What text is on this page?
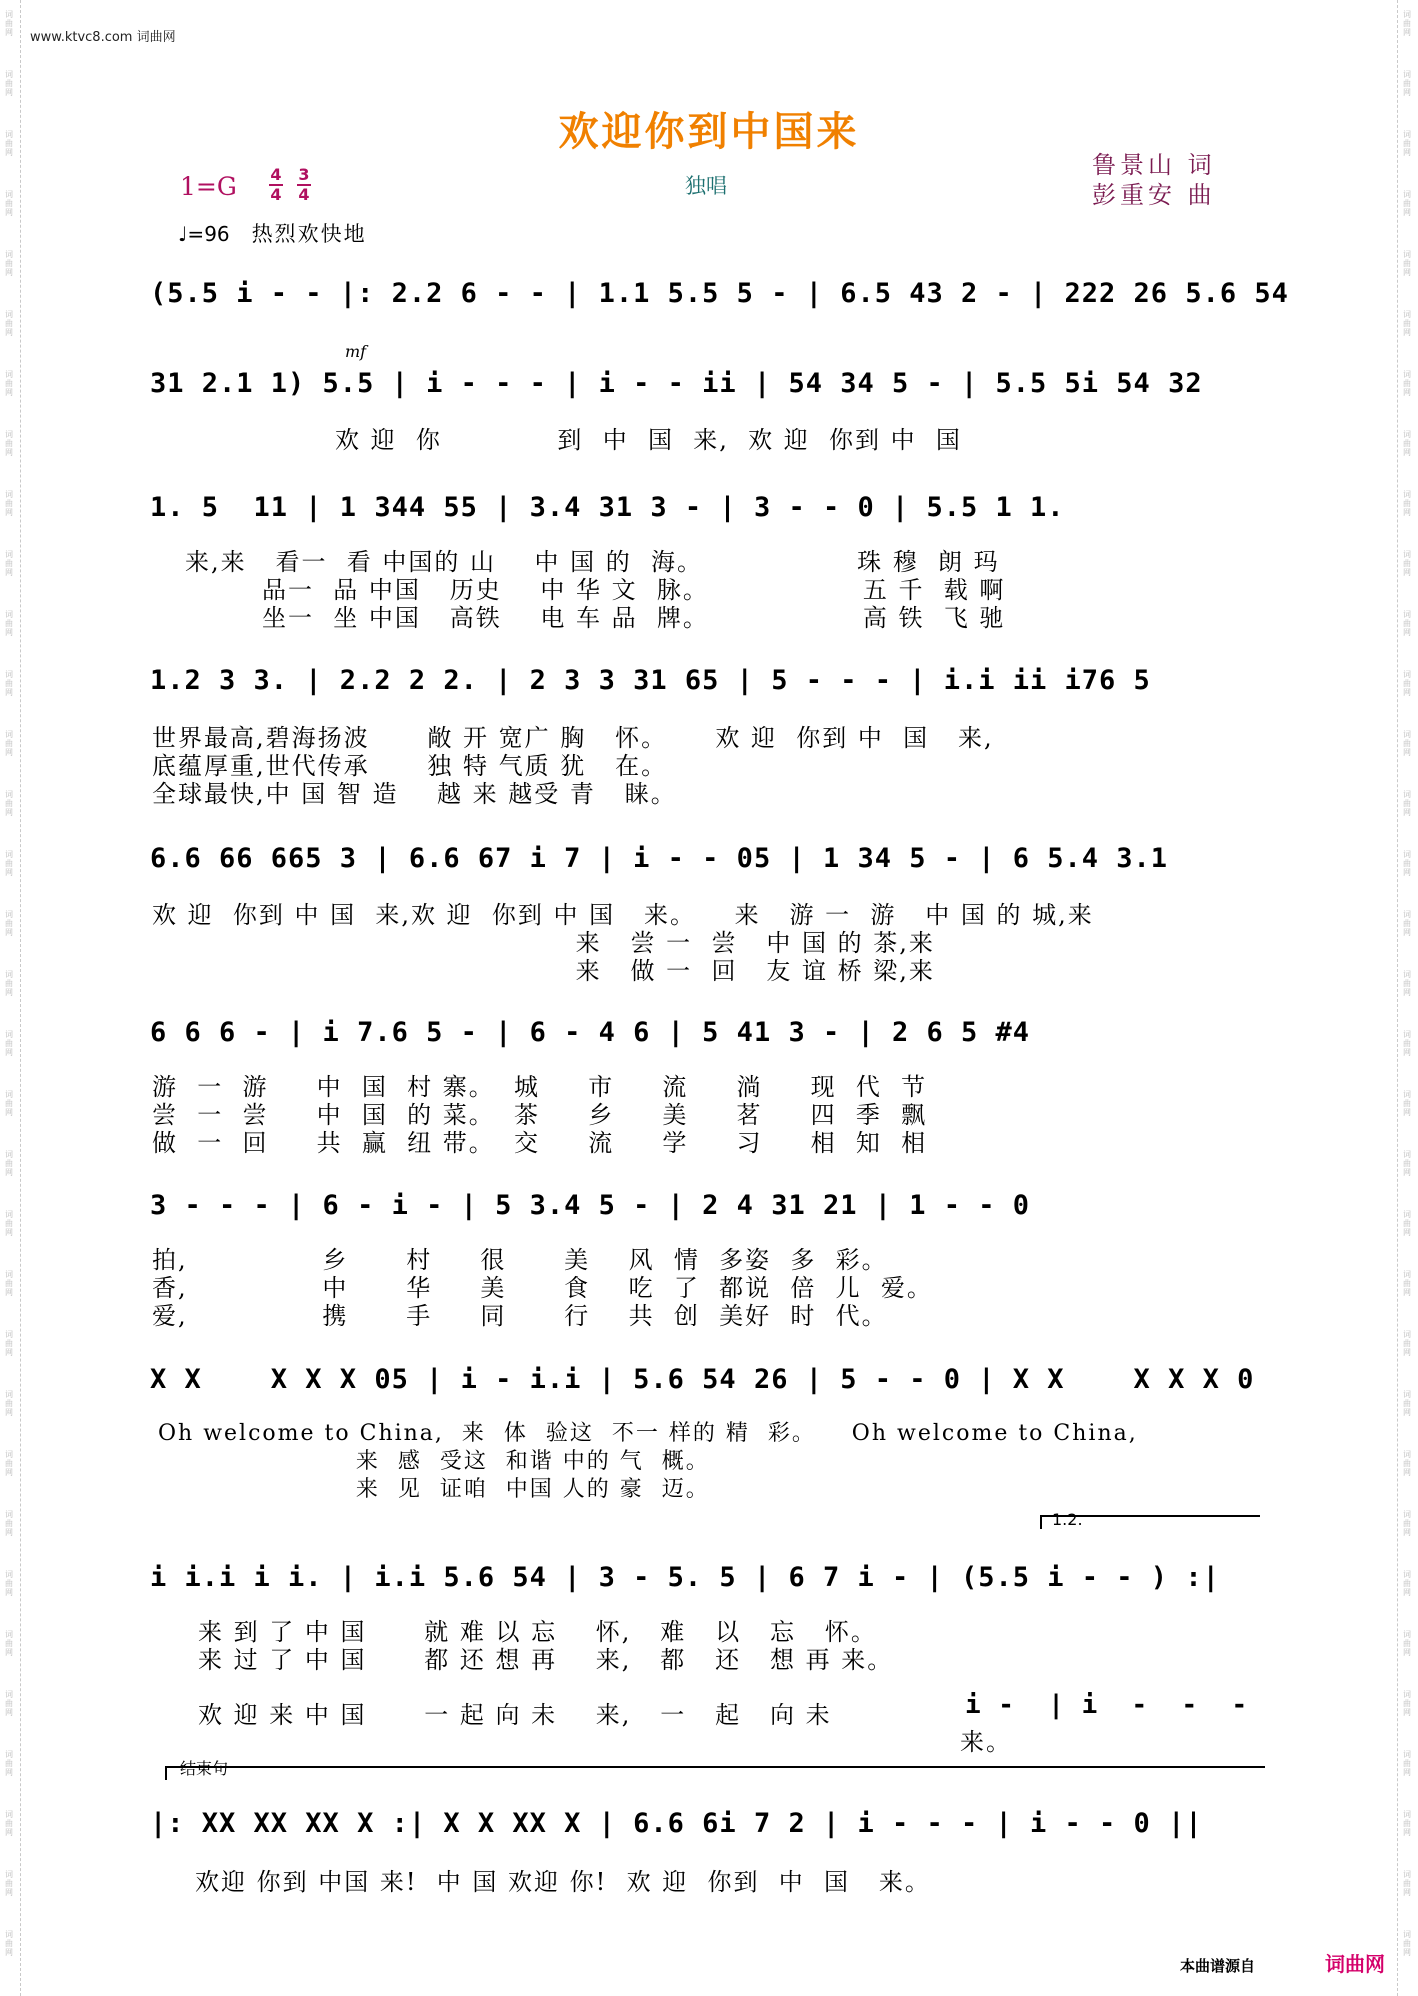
词
曲
网
词
曲
网
词
曲
网
词
曲
网
词
曲
网
词
曲
网
词
曲
网
词
曲
网
词
曲
网
词
曲
网
词
曲
网
词
曲
网
词
曲
网
词
曲
网
词
曲
网
词
曲
网
词
曲
网
词
曲
网
词
曲
网
词
曲
网
词
曲
网
词
曲
网
词
曲
网
词
曲
网
词
曲
网
词
曲
网
词
曲
网
词
曲
网
词
曲
网
词
曲
网
词
曲
网
词
曲
网
词
曲
网
词
曲
网
词
曲
网
词
曲
网
词
曲
网
词
曲
网
词
曲
网
词
曲
网
词
曲
网
词
曲
网
词
曲
网
词
曲
网
词
曲
网
词
曲
网
词
曲
网
词
曲
网
词
曲
网
词
曲
网
词
曲
网
词
曲
网
词
曲
网
词
曲
网
词
曲
网
词
曲
网
词
曲
网
词
曲
网
词
曲
网
词
曲
网
词
曲
网
词
曲
网
词
曲
网
词
曲
网
词
曲
网
词
曲
网
www.ktvc8.com 词曲网
欢迎你到中国来
1=G 4
4
3
4	独唱
鲁景山 词
彭重安 曲
♩=96 热烈欢快地
(5.5 i - - |: 2.2 6 - - | 1.1 5.5 5 - | 6.5 43 2 - | 222 26 5.6 54
mf
31 2.1 1) 5.5 | i - - - | i - - ii | 54 34 5 - | 5.5 5i 54 32
欢 迎  你            到  中  国  来,  欢 迎  你到 中  国
1. 5  11 | 1 344 55 | 3.4 31 3 - | 3 - - 0 | 5.5 1 1.
来,来   看一  看 中国的 山    中 国 的  海。                珠 穆  朗 玛
品一  品 中国   历史    中 华 文  脉。                五 千  载 啊
坐一  坐 中国   高铁    电 车 品  牌。                高 铁  飞 驰
1.2 3 3. | 2.2 2 2. | 2 3 3 31 65 | 5 - - - | i.i ii i76 5
世界最高,碧海扬波      敞 开 宽广 胸   怀。     欢 迎  你到 中  国   来,
底蕴厚重,世代传承      独 特 气质 犹   在。
全球最快,中 国 智 造    越 来 越受 青   睐。
6.6 66 665 3 | 6.6 67 i 7 | i - - 05 | 1 34 5 - | 6 5.4 3.1
欢 迎  你到 中 国  来,欢 迎  你到 中 国   来。    来   游 一  游   中 国 的 城,来
来   尝 一  尝   中 国 的 茶,来
来   做 一  回   友 谊 桥 梁,来
6 6 6 - | i 7.6 5 - | 6 - 4 6 | 5 41 3 - | 2 6 5 #4
游  一  游     中  国  村 寨。  城     市     流     淌     现  代  节
尝  一  尝     中  国  的 菜。  茶     乡     美     茗     四  季  飘
做  一  回     共  赢  纽 带。  交     流     学     习     相  知  相
3 - - - | 6 - i - | 5 3.4 5 - | 2 4 31 21 | 1 - - 0
拍,              乡      村     很      美    风  情  多姿  多  彩。
香,              中      华     美      食    吃  了  都说  倍  儿  爱。
爱,              携      手     同      行    共  创  美好  时  代。
X X    X X X 05 | i - i.i | 5.6 54 26 | 5 - - 0 | X X    X X X 0
Oh welcome to China,  来  体  验这  不一 样的 精  彩。    Oh welcome to China,
来  感  受这  和谐 中的 气  概。
来  见  证咱  中国 人的 豪  迈。
1.2.
i i.i i i. | i.i 5.6 54 | 3 - 5. 5 | 6 7 i - | (5.5 i - - ) :|
来 到 了 中 国      就 难 以 忘    怀,   难   以   忘   怀。
来 过 了 中 国      都 还 想 再    来,   都   还   想 再 来。
欢 迎 来 中 国      一 起 向 未    来,   一   起   向 未	i -  | i  -  -  -
来。
结束句
|: XX XX XX X :| X X XX X | 6.6 6i 7 2 | i - - - | i - - 0 ||
欢迎 你到 中国 来!  中 国 欢迎 你!  欢 迎  你到  中  国   来。
本曲谱源自	词曲网
